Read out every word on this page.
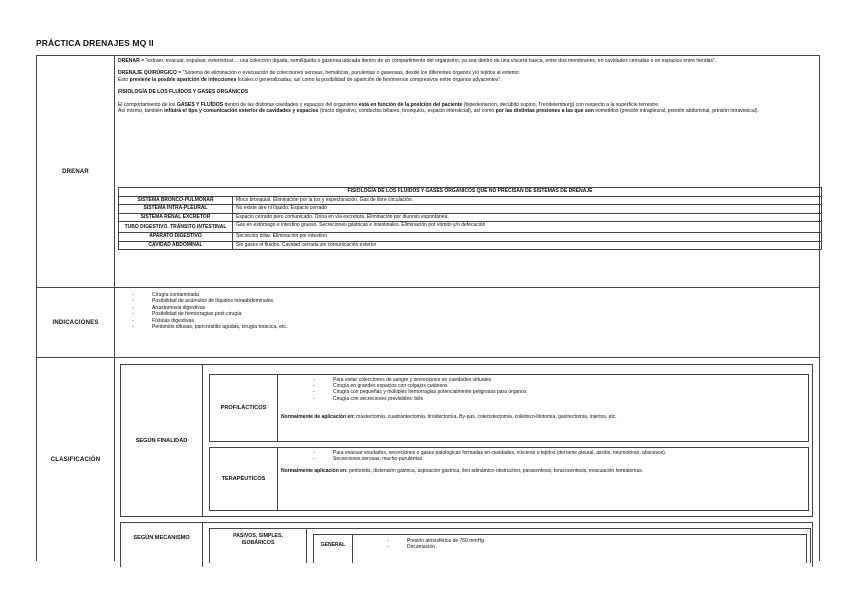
PRÁCTICA DRENAJES MQ II
DRENAR

DRENAR = “extraer, evacuar, expulsar, exteriorizar… una colección líquida, semilíquida o gaseosa ubicada dentro de un compartimento del organismo, ya sea dentro de una víscera hueca, entre dos membranes, en cavidades cerradas o en espacios entre heridas”.

DRENAJE QUIRÚRGICO = “Sistema de eliminación o evacuación de colecciones serosas, hemáticas, purulentas o gaseosas, desde los diferentes órganos y/o tejidos al exterior.

Esto previene la posible aparición de infecciones locales o generalizadas, así como la posibilidad de aparición de fenómenos compresivos entre órganos adyacentes”.

FISIOLOGÍA DE LOS FLUÍDOS Y GASES ORGÁNICOS

El comportamiento de los GASES Y FLUÍDOS dentro de las distintas cavidades y espacios del organismo está en función de la posición del paciente (bipedestación, decúbito supino, Trendelemburg) con respecto a la superficie terrestre.

Así mismo, también influirá el tipo y comunicación exterior de cavidades y espacios (tracto digestivo, conductos biliares, bronquios, espacio intersticial), así como por las distintas presiones a las que son sometidos (presión intrapleural, presión abdominal, presión intravesical).

FISIOLOGÍA DE LOS FLUÍDOS Y GASES ORGÁNICOS QUE NO PRECISAN DE SISTEMAS DE DRENAJE	
SISTEMA BRONCO-PULMONAR	Moco bronquial. Eliminación por la tos y expectoración. Gas de libre circulación.
SISTEMA INTRA-PLEURAL	No existe aire ni líquido. Espacio cerrado
SISTEMA RENAL EXCRETOR	Espacio cerrado pero comunicado. Orina en vía excretora. Eliminación por diuresis espontánea.
TUBO DIGESTIVO. TRÁNSITO INTESTINAL	Gas en estómago e intestino grueso. Secreciones gástricas e intestinales. Eliminación por vómito y/o defecación
APARATO DIGESTIVO	Secreción biliar. Eliminación por intestino
CAVIDAD ABDOMINAL	Sin gases ni fluidos. Cavidad cerrada sin comunicación exterior
INDICACIONES
- Cirugía contaminada
- Posibilidad de acúmulos de líquidos intraabdominales
- Anastomosis digestivas
- Posibilidad de hemorragias post-cirugía
- Fístulas digestivas
- Peritonitis difusas, pancreatitis agudas, cirugía torácica, etc.
CLASIFICACIÓN
SEGÚN FINALIDAD
PROFILÁCTICOS
- Para evitar colecciones de sangre y secreciones en cavidades virtuales
- Cirugía en grandes espacios con colgajos cutáneos
- Cirugía con pequeñas y múltiples hemorragias potencialmente peligrosas para órganos
- Cirugía con secreciones previsibles: bilis

Normalmente de aplicación en: mastectomía, cuadrantectomía, tiroidectomía, By-pas, colecistectomía, colédoco-litotomía, gastrectomía, injertos, etc.

TERAPÉUTICOS
- Para evacuar exudados, secreciones o gases patológicas formadas en cavidades, vísceras o tejidos (derrame pleural, ascitis, neumotórax, abscesos).
- Secreciones serosas, mucho-purulentas

Normalmente aplicación en: peritonitis, distensión gástrica, aspiración gástrica, íleo adinámico-obstructivo, paracentesis, toracocentesis, evacuación hematomas.

SEGÚN MECANISMO	PASIVOS, SIMPLES, ISOBÁRICOS	GENERAL
- Presión atmosférica de 760 mmHg
- Decantación
